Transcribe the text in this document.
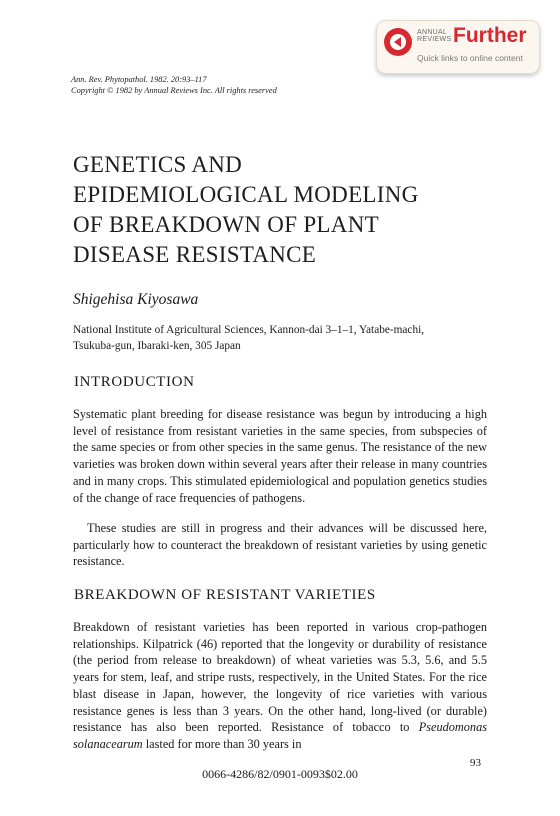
ANNUAL
REVIEWS Further
Quick links to online content
Ann. Rev. Phytopathol. 1982. 20:93–117
Copyright © 1982 by Annual Reviews Inc. All rights reserved
GENETICS AND
EPIDEMIOLOGICAL MODELING
OF BREAKDOWN OF PLANT
DISEASE RESISTANCE
Shigehisa Kiyosawa
National Institute of Agricultural Sciences, Kannon-dai 3–1–1, Yatabe-machi,
Tsukuba-gun, Ibaraki-ken, 305 Japan
INTRODUCTION

Systematic plant breeding for disease resistance was begun by introducing a high level of resistance from resistant varieties in the same species, from subspecies of the same species or from other species in the same genus. The resistance of the new varieties was broken down within several years after their release in many countries and in many crops. This stimulated epidemiological and population genetics studies of the change of race frequencies of pathogens.

These studies are still in progress and their advances will be discussed here, particularly how to counteract the breakdown of resistant varieties by using genetic resistance.

BREAKDOWN OF RESISTANT VARIETIES

Breakdown of resistant varieties has been reported in various crop-pathogen relationships. Kilpatrick (46) reported that the longevity or durability of resistance (the period from release to breakdown) of wheat varieties was 5.3, 5.6, and 5.5 years for stem, leaf, and stripe rusts, respectively, in the United States. For the rice blast disease in Japan, however, the longevity of rice varieties with various resistance genes is less than 3 years. On the other hand, long-lived (or durable) resistance has also been reported. Resistance of tobacco to Pseudomonas solanacearum lasted for more than 30 years in

93
0066-4286/82/0901-0093$02.00
